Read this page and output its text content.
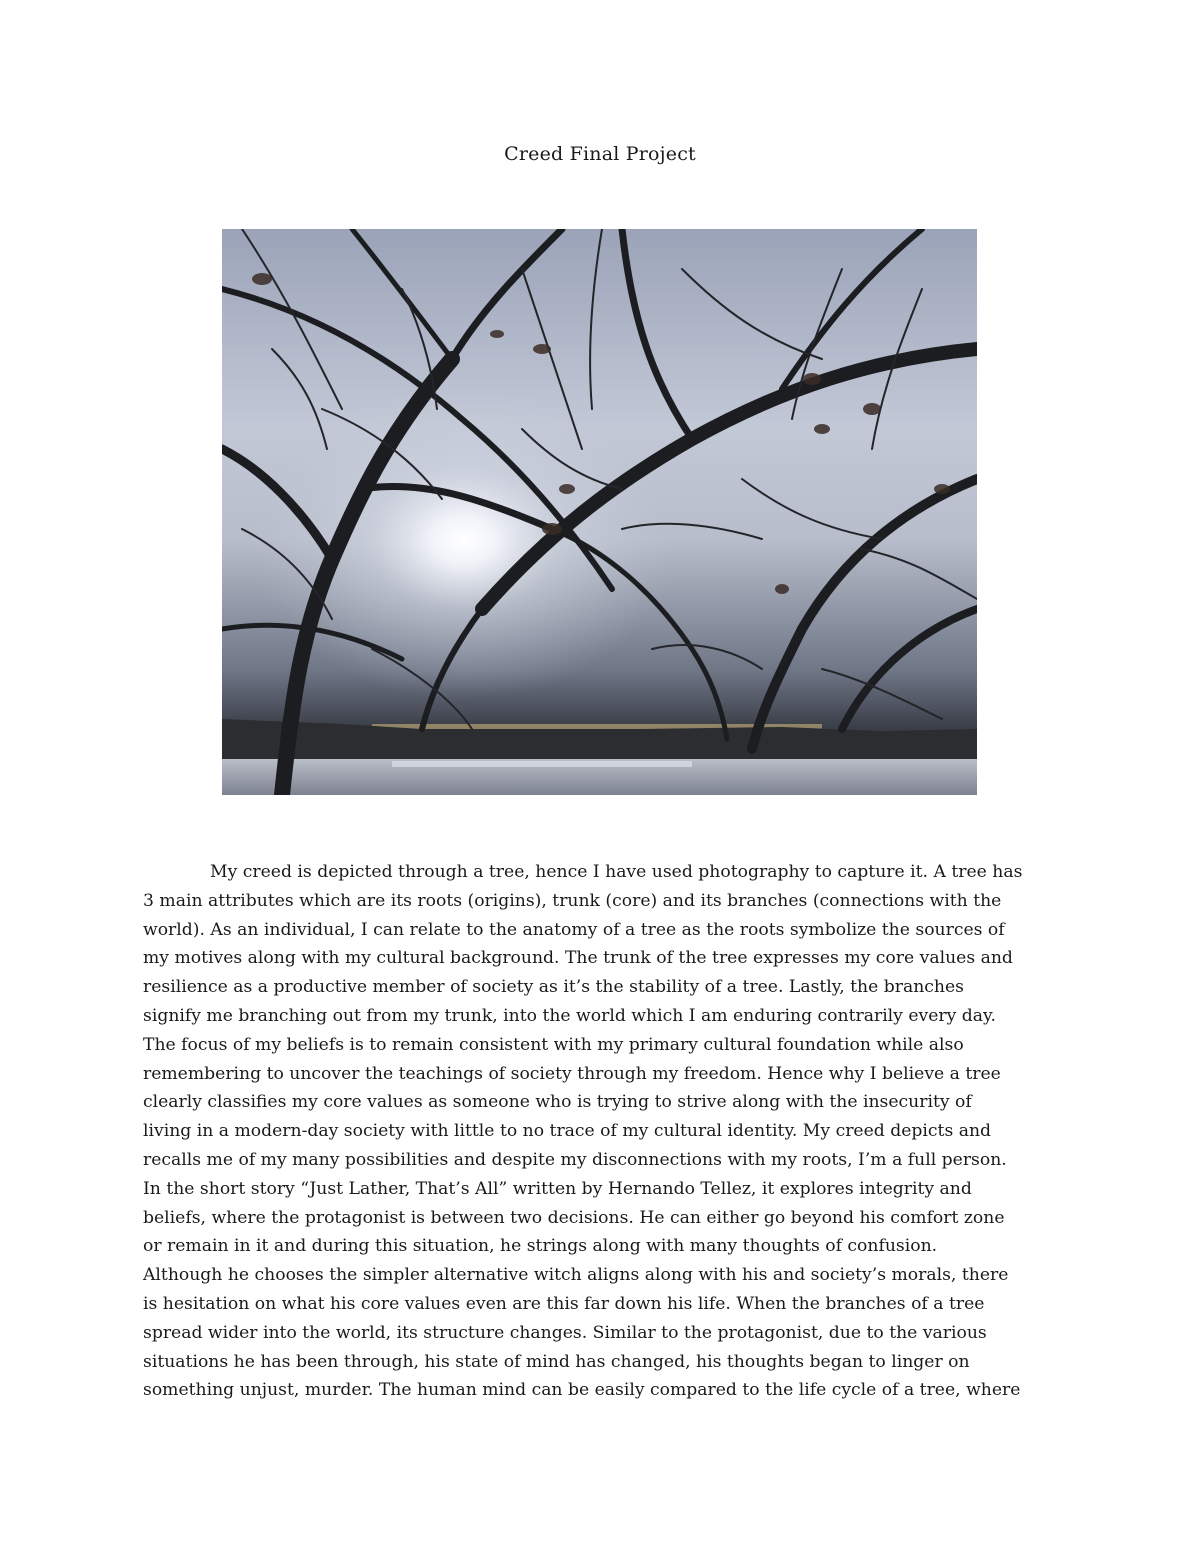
Creed Final Project
My creed is depicted through a tree, hence I have used photography to capture it. A tree has
3 main attributes which are its roots (origins), trunk (core) and its branches (connections with the
world). As an individual, I can relate to the anatomy of a tree as the roots symbolize the sources of
my motives along with my cultural background. The trunk of the tree expresses my core values and
resilience as a productive member of society as it’s the stability of a tree. Lastly, the branches
signify me branching out from my trunk, into the world which I am enduring contrarily every day.
The focus of my beliefs is to remain consistent with my primary cultural foundation while also
remembering to uncover the teachings of society through my freedom. Hence why I believe a tree
clearly classifies my core values as someone who is trying to strive along with the insecurity of
living in a modern-day society with little to no trace of my cultural identity. My creed depicts and
recalls me of my many possibilities and despite my disconnections with my roots, I’m a full person.
In the short story “Just Lather, That’s All” written by Hernando Tellez, it explores integrity and
beliefs, where the protagonist is between two decisions. He can either go beyond his comfort zone
or remain in it and during this situation, he strings along with many thoughts of confusion.
Although he chooses the simpler alternative witch aligns along with his and society’s morals, there
is hesitation on what his core values even are this far down his life. When the branches of a tree
spread wider into the world, its structure changes. Similar to the protagonist, due to the various
situations he has been through, his state of mind has changed, his thoughts began to linger on
something unjust, murder. The human mind can be easily compared to the life cycle of a tree, where
